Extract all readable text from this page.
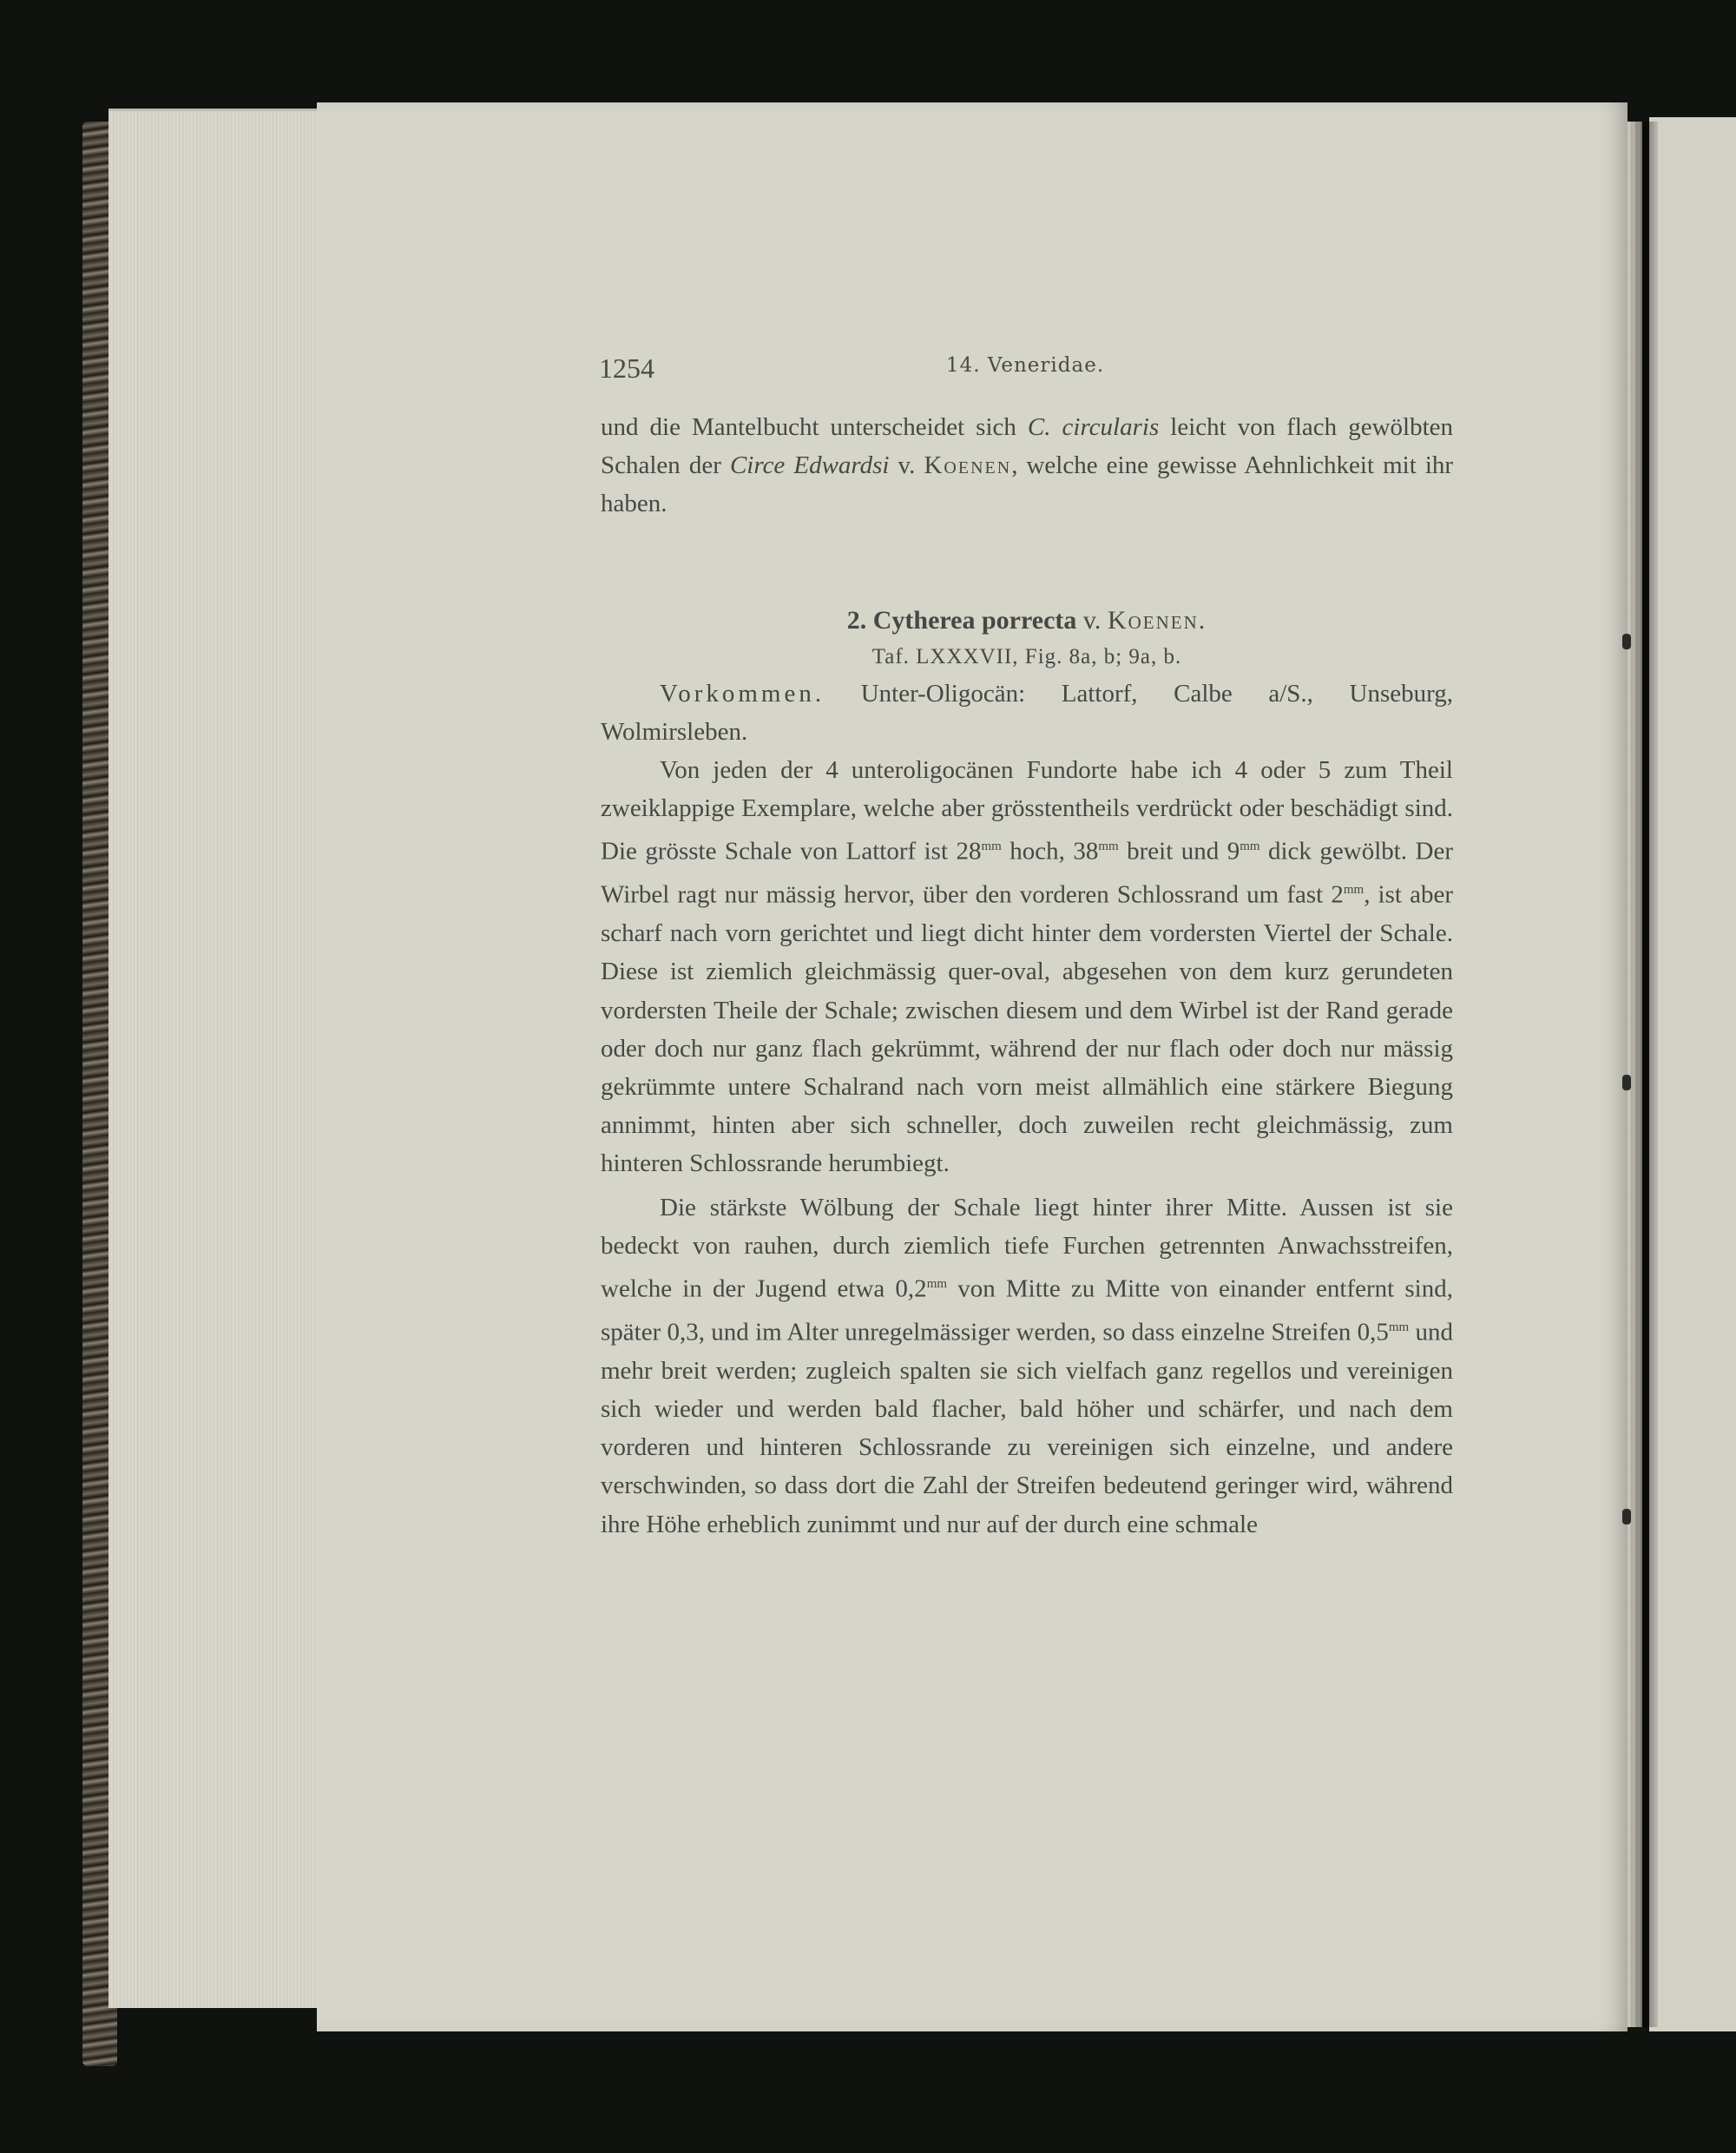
1254	14. Veneridae.

und die Mantelbucht unterscheidet sich C. circularis leicht von flach gewölbten Schalen der Circe Edwardsi v. Koenen, welche eine gewisse Aehnlichkeit mit ihr haben.

2. Cytherea porrecta v. Koenen.

Taf. LXXXVII, Fig. 8a, b; 9a, b.

Vorkommen. Unter-Oligocän: Lattorf, Calbe a/S., Unseburg, Wolmirsleben.

Von jeden der 4 unteroligocänen Fundorte habe ich 4 oder 5 zum Theil zweiklappige Exemplare, welche aber grösstentheils verdrückt oder beschädigt sind. Die grösste Schale von Lattorf ist $28^{mm}$ hoch, $38^{mm}$ breit und $9^{mm}$ dick gewölbt. Der Wirbel ragt nur mässig hervor, über den vorderen Schlossrand um fast $2^{mm}$, ist aber scharf nach vorn gerichtet und liegt dicht hinter dem vordersten Viertel der Schale. Diese ist ziemlich gleichmässig quer-oval, abgesehen von dem kurz gerundeten vordersten Theile der Schale; zwischen diesem und dem Wirbel ist der Rand gerade oder doch nur ganz flach gekrümmt, während der nur flach oder doch nur mässig gekrümmte untere Schalrand nach vorn meist allmählich eine stärkere Biegung annimmt, hinten aber sich schneller, doch zuweilen recht gleichmässig, zum hinteren Schlossrande herumbiegt.

Die stärkste Wölbung der Schale liegt hinter ihrer Mitte. Aussen ist sie bedeckt von rauhen, durch ziemlich tiefe Furchen getrennten Anwachsstreifen, welche in der Jugend etwa $0,2^{mm}$ von Mitte zu Mitte von einander entfernt sind, später 0,3, und im Alter unregelmässiger werden, so dass einzelne Streifen $0,5^{mm}$ und mehr breit werden; zugleich spalten sie sich vielfach ganz regellos und vereinigen sich wieder und werden bald flacher, bald höher und schärfer, und nach dem vorderen und hinteren Schlossrande zu vereinigen sich einzelne, und andere verschwinden, so dass dort die Zahl der Streifen bedeutend geringer wird, während ihre Höhe erheblich zunimmt und nur auf der durch eine schmale
